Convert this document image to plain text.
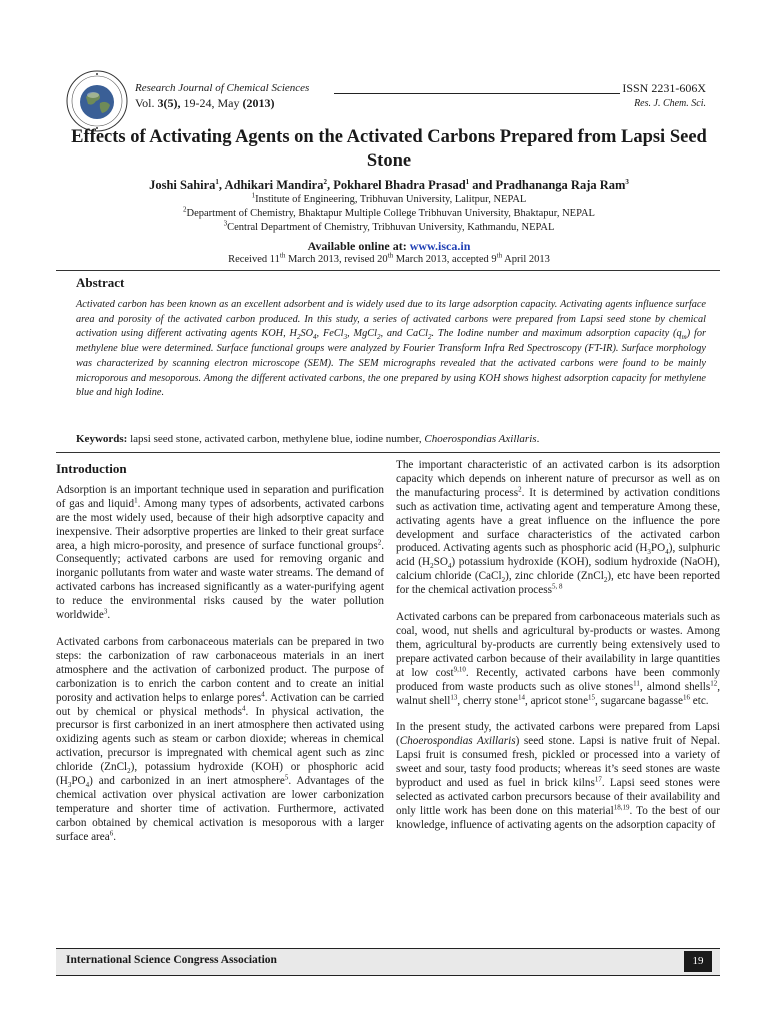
Research Journal of Chemical Sciences	ISSN 2231-606X
Vol. 3(5), 19-24, May (2013)	Res. J. Chem. Sci.
Effects of Activating Agents on the Activated Carbons Prepared from Lapsi Seed Stone
Joshi Sahira$^1$, Adhikari Mandira$^2$, Pokharel Bhadra Prasad$^1$ and Pradhananga Raja Ram$^3$
$^1$Institute of Engineering, Tribhuvan University, Lalitpur, NEPAL
$^2$Department of Chemistry, Bhaktapur Multiple College Tribhuvan University, Bhaktapur, NEPAL
$^3$Central Department of Chemistry, Tribhuvan University, Kathmandu, NEPAL
Available online at: www.isca.in
Received 11th March 2013, revised 20th March 2013, accepted 9th April 2013
Abstract
Activated carbon has been known as an excellent adsorbent and is widely used due to its large adsorption capacity. Activating agents influence surface area and porosity of the activated carbon produced. In this study, a series of activated carbons were prepared from Lapsi seed stone by chemical activation using different activating agents KOH, $H_2SO_4$, FeCl$_3$, MgCl$_2$, and CaCl$_2$. The Iodine number and maximum adsorption capacity $(q_m)$ for methylene blue were determined. Surface functional groups were analyzed by Fourier Transform Infra Red Spectroscopy (FT-IR). Surface morphology was characterized by scanning electron microscope (SEM). The SEM micrographs revealed that the activated carbons were found to be mainly microporous and mesoporous. Among the different activated carbons, the one prepared by using KOH shows highest adsorption capacity for methylene blue and high Iodine.
Keywords: lapsi seed stone, activated carbon, methylene blue, iodine number, Choerospondias Axillaris.
Introduction

Adsorption is an important technique used in separation and purification of gas and liquid$^1$. Among many types of adsorbents, activated carbons are the most widely used, because of their high adsorptive capacity and inexpensive. Their adsorptive properties are linked to their great surface area, a high micro-porosity, and presence of surface functional groups$^2$. Consequently; activated carbons are used for removing organic and inorganic pollutants from water and waste water streams. The demand of activated carbons has increased significantly as a water-purifying agent to reduce the environmental risks caused by the water pollution worldwide$^3$.

Activated carbons from carbonaceous materials can be prepared in two steps: the carbonization of raw carbonaceous materials in an inert atmosphere and the activation of carbonized product. The purpose of carbonization is to enrich the carbon content and to create an initial porosity and activation helps to enlarge pores$^4$. Activation can be carried out by chemical or physical methods$^4$. In physical activation, the precursor is first carbonized in an inert atmosphere then activated using oxidizing agents such as steam or carbon dioxide; whereas in chemical activation, precursor is impregnated with chemical agent such as zinc chloride (ZnCl$_2$), potassium hydroxide (KOH) or phosphoric acid $(H_3PO_4)$ and carbonized in an inert atmosphere$^5$. Advantages of the chemical activation over physical activation are lower carbonization temperature and shorter time of activation. Furthermore, activated carbon obtained by chemical activation is mesoporous with a larger surface area$^6$.

The important characteristic of an activated carbon is its adsorption capacity which depends on inherent nature of precursor as well as on the manufacturing process$^2$. It is determined by activation conditions such as activation time, activating agent and temperature Among these, activating agents have a great influence on the influence the pore development and surface characteristics of the activated carbon produced. Activating agents such as phosphoric acid $(H_3PO_4)$, sulphuric acid $(H_2SO_4)$ potassium hydroxide (KOH), sodium hydroxide (NaOH), calcium chloride (CaCl$_2$), zinc chloride (ZnCl$_2$), etc have been reported for the chemical activation process$^{5, 8}$

Activated carbons can be prepared from carbonaceous materials such as coal, wood, nut shells and agricultural by-products or wastes. Among them, agricultural by-products are currently being extensively used to prepare activated carbon because of their availability in large quantities at low cost$^{9,10}$. Recently, activated carbons have been commonly produced from waste products such as olive stones$^{11}$, almond shells$^{12}$, walnut shell$^{13}$, cherry stone$^{14}$, apricot stone$^{15}$, sugarcane bagasse$^{16}$ etc.

In the present study, the activated carbons were prepared from Lapsi (Choerospondias Axillaris) seed stone. Lapsi is native fruit of Nepal. Lapsi fruit is consumed fresh, pickled or processed into a variety of sweet and sour, tasty food products; whereas it’s seed stones are waste byproduct and used as fuel in brick kilns$^{17}$. Lapsi seed stones were selected as activated carbon precursors because of their availability and only little work has been done on this material$^{18,19}$. To the best of our knowledge, influence of activating agents on the adsorption capacity of

International Science Congress Association	19
